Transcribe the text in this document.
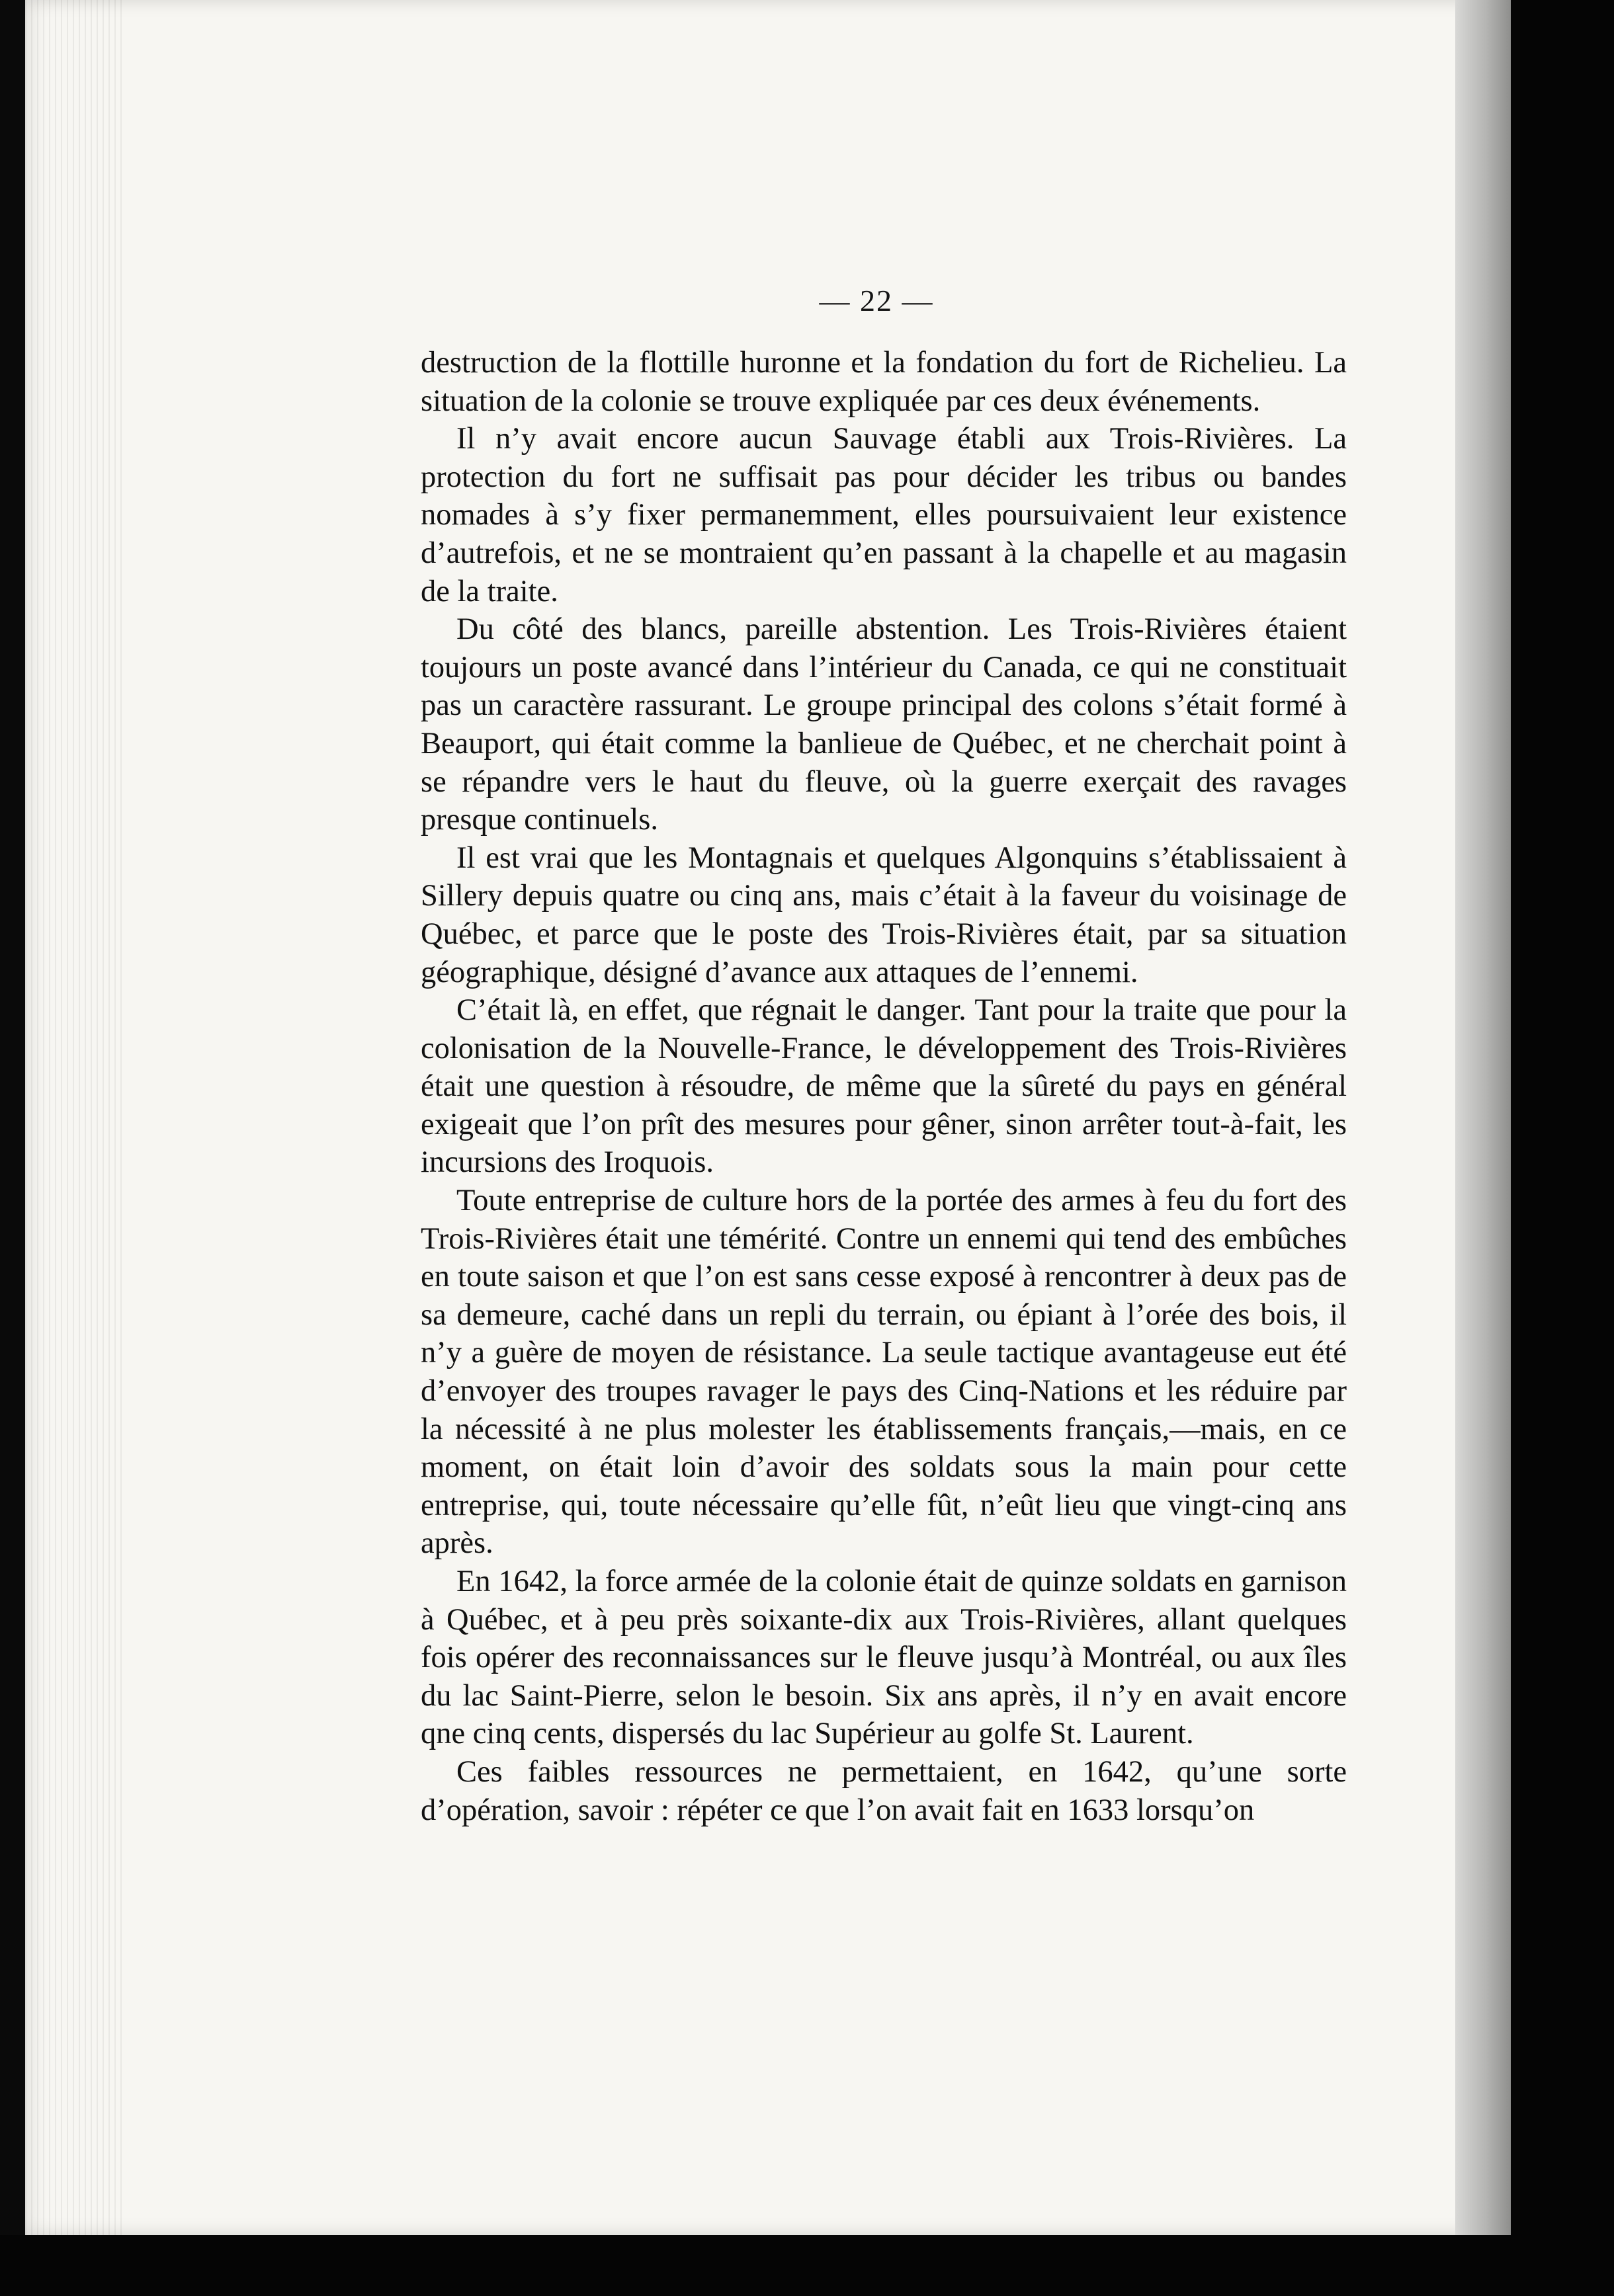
— 22 —

destruction de la flottille huronne et la fondation du fort de Richelieu. La situation de la colonie se trouve expliquée par ces deux événements.

Il n’y avait encore aucun Sauvage établi aux Trois-Rivières. La protection du fort ne suffisait pas pour décider les tribus ou bandes nomades à s’y fixer permanemment, elles poursuivaient leur existence d’autrefois, et ne se montraient qu’en passant à la chapelle et au magasin de la traite.

Du côté des blancs, pareille abstention. Les Trois-Rivières étaient toujours un poste avancé dans l’intérieur du Canada, ce qui ne constituait pas un caractère rassurant. Le groupe principal des colons s’était formé à Beauport, qui était comme la banlieue de Québec, et ne cherchait point à se répandre vers le haut du fleuve, où la guerre exerçait des ravages presque continuels.

Il est vrai que les Montagnais et quelques Algonquins s’établissaient à Sillery depuis quatre ou cinq ans, mais c’était à la faveur du voisinage de Québec, et parce que le poste des Trois-Rivières était, par sa situation géographique, désigné d’avance aux attaques de l’ennemi.

C’était là, en effet, que régnait le danger. Tant pour la traite que pour la colonisation de la Nouvelle-France, le développement des Trois-Rivières était une question à résoudre, de même que la sûreté du pays en général exigeait que l’on prît des mesures pour gêner, sinon arrêter tout-à-fait, les incursions des Iroquois.

Toute entreprise de culture hors de la portée des armes à feu du fort des Trois-Rivières était une témérité. Contre un ennemi qui tend des embûches en toute saison et que l’on est sans cesse exposé à rencontrer à deux pas de sa demeure, caché dans un repli du terrain, ou épiant à l’orée des bois, il n’y a guère de moyen de résistance. La seule tactique avantageuse eut été d’envoyer des troupes ravager le pays des Cinq-Nations et les réduire par la nécessité à ne plus molester les établissements français,—mais, en ce moment, on était loin d’avoir des soldats sous la main pour cette entreprise, qui, toute nécessaire qu’elle fût, n’eût lieu que vingt-cinq ans après.

En 1642, la force armée de la colonie était de quinze soldats en garnison à Québec, et à peu près soixante-dix aux Trois-Rivières, allant quelques fois opérer des reconnaissances sur le fleuve jusqu’à Montréal, ou aux îles du lac Saint-Pierre, selon le besoin. Six ans après, il n’y en avait encore qne cinq cents, dispersés du lac Supérieur au golfe St. Laurent.

Ces faibles ressources ne permettaient, en 1642, qu’une sorte d’opération, savoir : répéter ce que l’on avait fait en 1633 lorsqu’on
